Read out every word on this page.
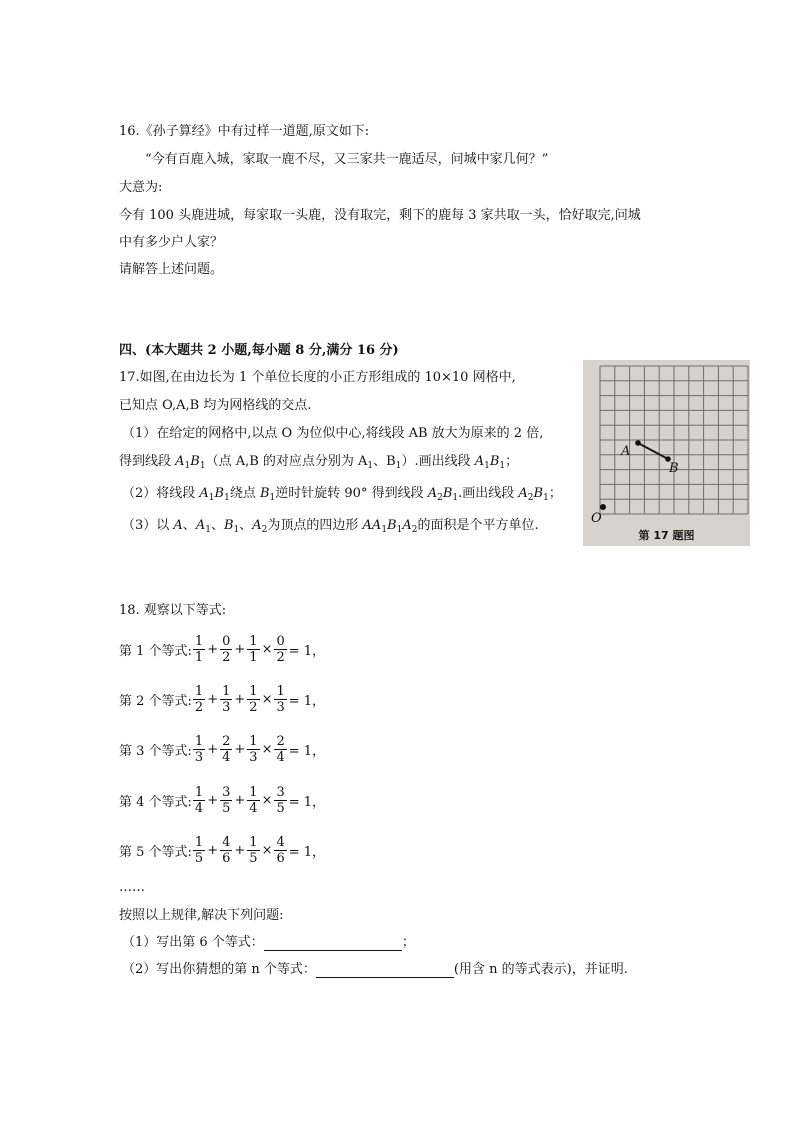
16.《孙子算经》中有过样一道题,原文如下:
“今有百鹿入城，家取一鹿不尽，又三家共一鹿适尽，问城中家几何？”
大意为:
今有 100 头鹿进城，每家取一头鹿，没有取完，剩下的鹿每 3 家共取一头，恰好取完,问城
中有多少户人家？
请解答上述问题。
四、(本大题共 2 小题,每小题 8 分,满分 16 分)
17.如图,在由边长为 1 个单位长度的小正方形组成的 10×10 网格中,
已知点 O,A,B 均为网格线的交点.
（1）在给定的网格中,以点 O 为位似中心,将线段 AB 放大为原来的 2 倍,
得到线段 $A_1B_1$（点 A,B 的对应点分别为 $A_1$、$B_1$）.画出线段 $A_1B_1$；
（2）将线段 $A_1B_1$绕点 $B_1$逆时针旋转 90° 得到线段 $A_2B_1$.画出线段 $A_2B_1$；
（3）以 A、$A_1$、$B_1$、$A_2$为顶点的四边形 $AA_1B_1A_2$的面积是个平方单位.
A
B
O
第 17 题图
18. 观察以下等式:
第 1 个等式: $\frac{1}{1} + \frac{0}{2} + \frac{1}{1} \times \frac{0}{2} = 1$，
第 2 个等式: $\frac{1}{2} + \frac{1}{3} + \frac{1}{2} \times \frac{1}{3} = 1$，
第 3 个等式: $\frac{1}{3} + \frac{2}{4} + \frac{1}{3} \times \frac{2}{4} = 1$，
第 4 个等式: $\frac{1}{4} + \frac{3}{5} + \frac{1}{4} \times \frac{3}{5} = 1$，
第 5 个等式: $\frac{1}{5} + \frac{4}{6} + \frac{1}{5} \times \frac{4}{6} = 1$，
……
按照以上规律,解决下列问题:
（1）写出第 6 个等式：	；
（2）写出你猜想的第 n 个等式：	(用含 n 的等式表示)，并证明.
